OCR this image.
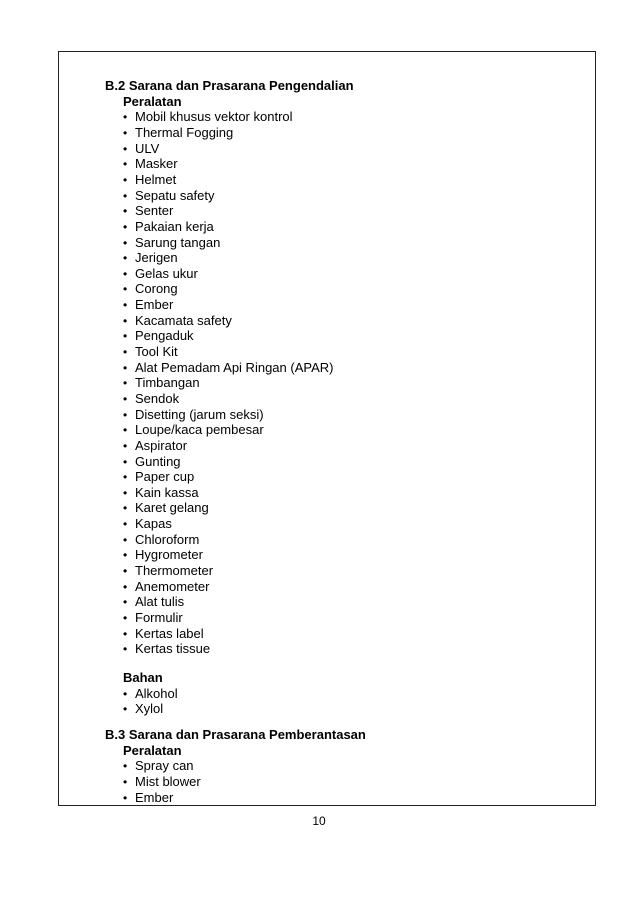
B.2 Sarana dan Prasarana Pengendalian

Peralatan

• Mobil khusus vektor kontrol
• Thermal Fogging
• ULV
• Masker
• Helmet
• Sepatu safety
• Senter
• Pakaian kerja
• Sarung tangan
• Jerigen
• Gelas ukur
• Corong
• Ember
• Kacamata safety
• Pengaduk
• Tool Kit
• Alat Pemadam Api Ringan (APAR)
• Timbangan
• Sendok
• Disetting (jarum seksi)
• Loupe/kaca pembesar
• Aspirator
• Gunting
• Paper cup
• Kain kassa
• Karet gelang
• Kapas
• Chloroform
• Hygrometer
• Thermometer
• Anemometer
• Alat tulis
• Formulir
• Kertas label
• Kertas tissue

Bahan

• Alkohol
• Xylol

B.3 Sarana dan Prasarana Pemberantasan

Peralatan

• Spray can
• Mist blower
• Ember
10
